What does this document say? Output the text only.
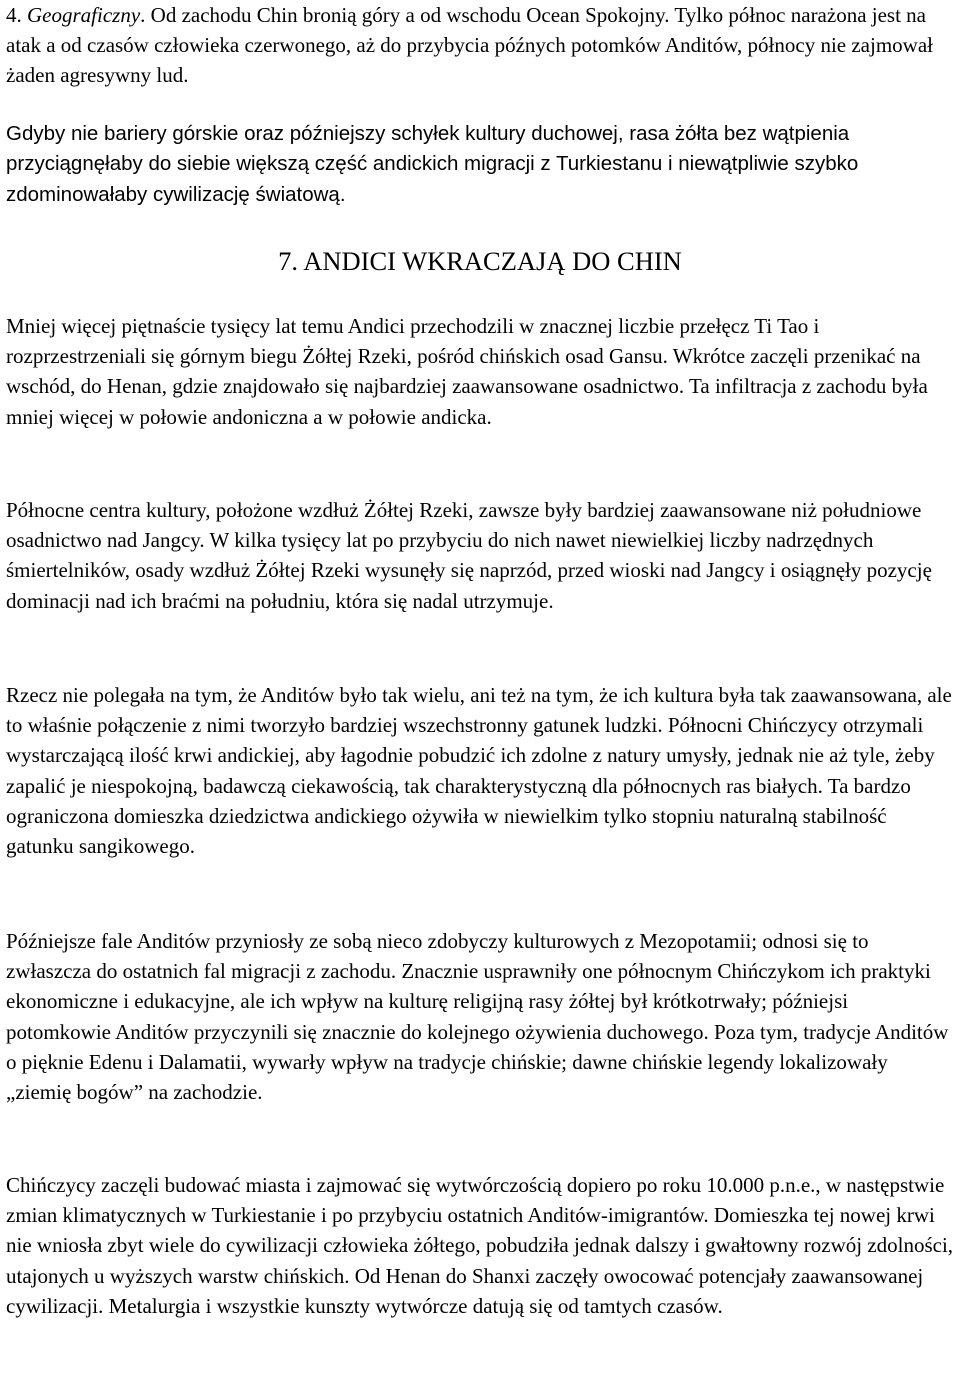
4. Geograficzny. Od zachodu Chin bronią góry a od wschodu Ocean Spokojny. Tylko północ narażona jest na atak a od czasów człowieka czerwonego, aż do przybycia późnych potomków Anditów, północy nie zajmował żaden agresywny lud.

Gdyby nie bariery górskie oraz późniejszy schyłek kultury duchowej, rasa żółta bez wątpienia przyciągnęłaby do siebie większą część andickich migracji z Turkiestanu i niewątpliwie szybko zdominowałaby cywilizację światową.

7. ANDICI WKRACZAJĄ DO CHIN

Mniej więcej piętnaście tysięcy lat temu Andici przechodzili w znacznej liczbie przełęcz Ti Tao i rozprzestrzeniali się górnym biegu Żółtej Rzeki, pośród chińskich osad Gansu. Wkrótce zaczęli przenikać na wschód, do Henan, gdzie znajdowało się najbardziej zaawansowane osadnictwo. Ta infiltracja z zachodu była mniej więcej w połowie andoniczna a w połowie andicka.

Północne centra kultury, położone wzdłuż Żółtej Rzeki, zawsze były bardziej zaawansowane niż południowe osadnictwo nad Jangcy. W kilka tysięcy lat po przybyciu do nich nawet niewielkiej liczby nadrzędnych śmiertelników, osady wzdłuż Żółtej Rzeki wysunęły się naprzód, przed wioski nad Jangcy i osiągnęły pozycję dominacji nad ich braćmi na południu, która się nadal utrzymuje.

Rzecz nie polegała na tym, że Anditów było tak wielu, ani też na tym, że ich kultura była tak zaawansowana, ale to właśnie połączenie z nimi tworzyło bardziej wszechstronny gatunek ludzki. Północni Chińczycy otrzymali wystarczającą ilość krwi andickiej, aby łagodnie pobudzić ich zdolne z natury umysły, jednak nie aż tyle, żeby zapalić je niespokojną, badawczą ciekawością, tak charakterystyczną dla północnych ras białych. Ta bardzo ograniczona domieszka dziedzictwa andickiego ożywiła w niewielkim tylko stopniu naturalną stabilność gatunku sangikowego.

Późniejsze fale Anditów przyniosły ze sobą nieco zdobyczy kulturowych z Mezopotamii; odnosi się to zwłaszcza do ostatnich fal migracji z zachodu. Znacznie usprawniły one północnym Chińczykom ich praktyki ekonomiczne i edukacyjne, ale ich wpływ na kulturę religijną rasy żółtej był krótkotrwały; późniejsi potomkowie Anditów przyczynili się znacznie do kolejnego ożywienia duchowego. Poza tym, tradycje Anditów o pięknie Edenu i Dalamatii, wywarły wpływ na tradycje chińskie; dawne chińskie legendy lokalizowały „ziemię bogów” na zachodzie.

Chińczycy zaczęli budować miasta i zajmować się wytwórczością dopiero po roku 10.000 p.n.e., w następstwie zmian klimatycznych w Turkiestanie i po przybyciu ostatnich Anditów-imigrantów. Domieszka tej nowej krwi nie wniosła zbyt wiele do cywilizacji człowieka żółtego, pobudziła jednak dalszy i gwałtowny rozwój zdolności, utajonych u wyższych warstw chińskich. Od Henan do Shanxi zaczęły owocować potencjały zaawansowanej cywilizacji. Metalurgia i wszystkie kunszty wytwórcze datują się od tamtych czasów.
